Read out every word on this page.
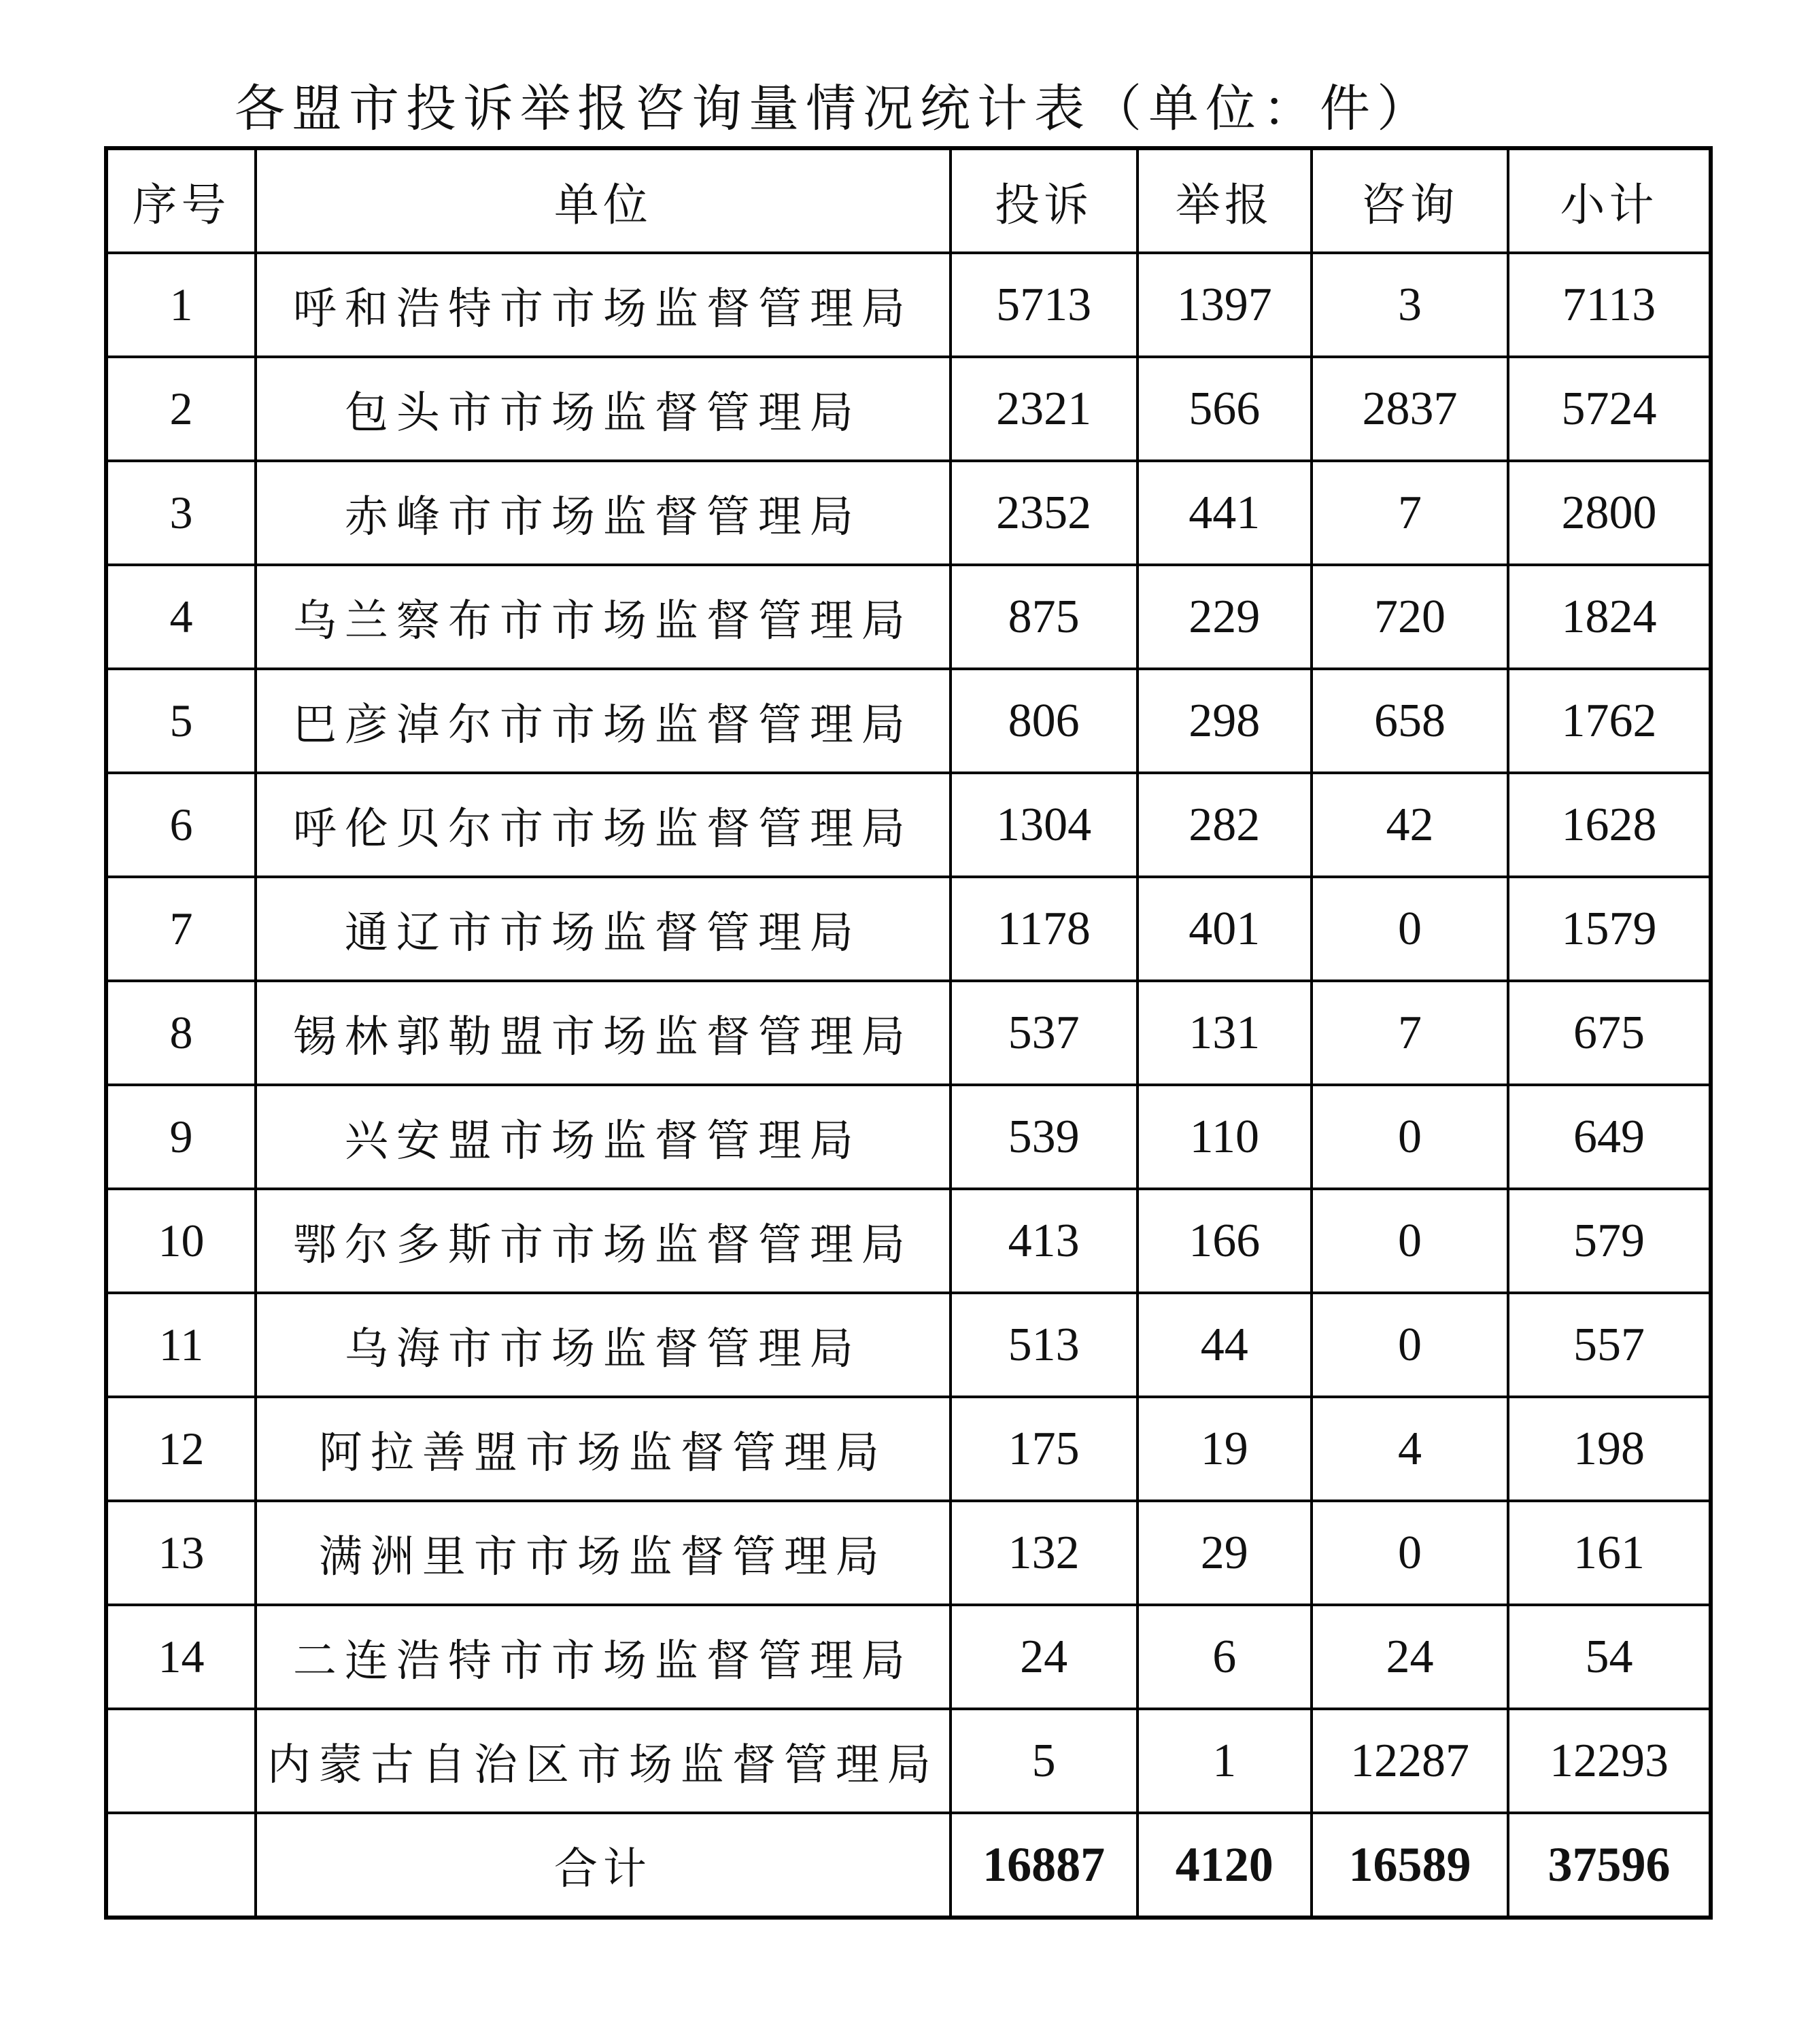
各盟市投诉举报咨询量情况统计表（单位：件）
序号	单位	投诉	举报	咨询	小计
1	呼和浩特市市场监督管理局	5713	1397	3	7113
2	包头市市场监督管理局	2321	566	2837	5724
3	赤峰市市场监督管理局	2352	441	7	2800
4	乌兰察布市市场监督管理局	875	229	720	1824
5	巴彦淖尔市市场监督管理局	806	298	658	1762
6	呼伦贝尔市市场监督管理局	1304	282	42	1628
7	通辽市市场监督管理局	1178	401	0	1579
8	锡林郭勒盟市场监督管理局	537	131	7	675
9	兴安盟市场监督管理局	539	110	0	649
10	鄂尔多斯市市场监督管理局	413	166	0	579
11	乌海市市场监督管理局	513	44	0	557
12	阿拉善盟市场监督管理局	175	19	4	198
13	满洲里市市场监督管理局	132	29	0	161
14	二连浩特市市场监督管理局	24	6	24	54
	内蒙古自治区市场监督管理局	5	1	12287	12293
	合计	16887	4120	16589	37596
